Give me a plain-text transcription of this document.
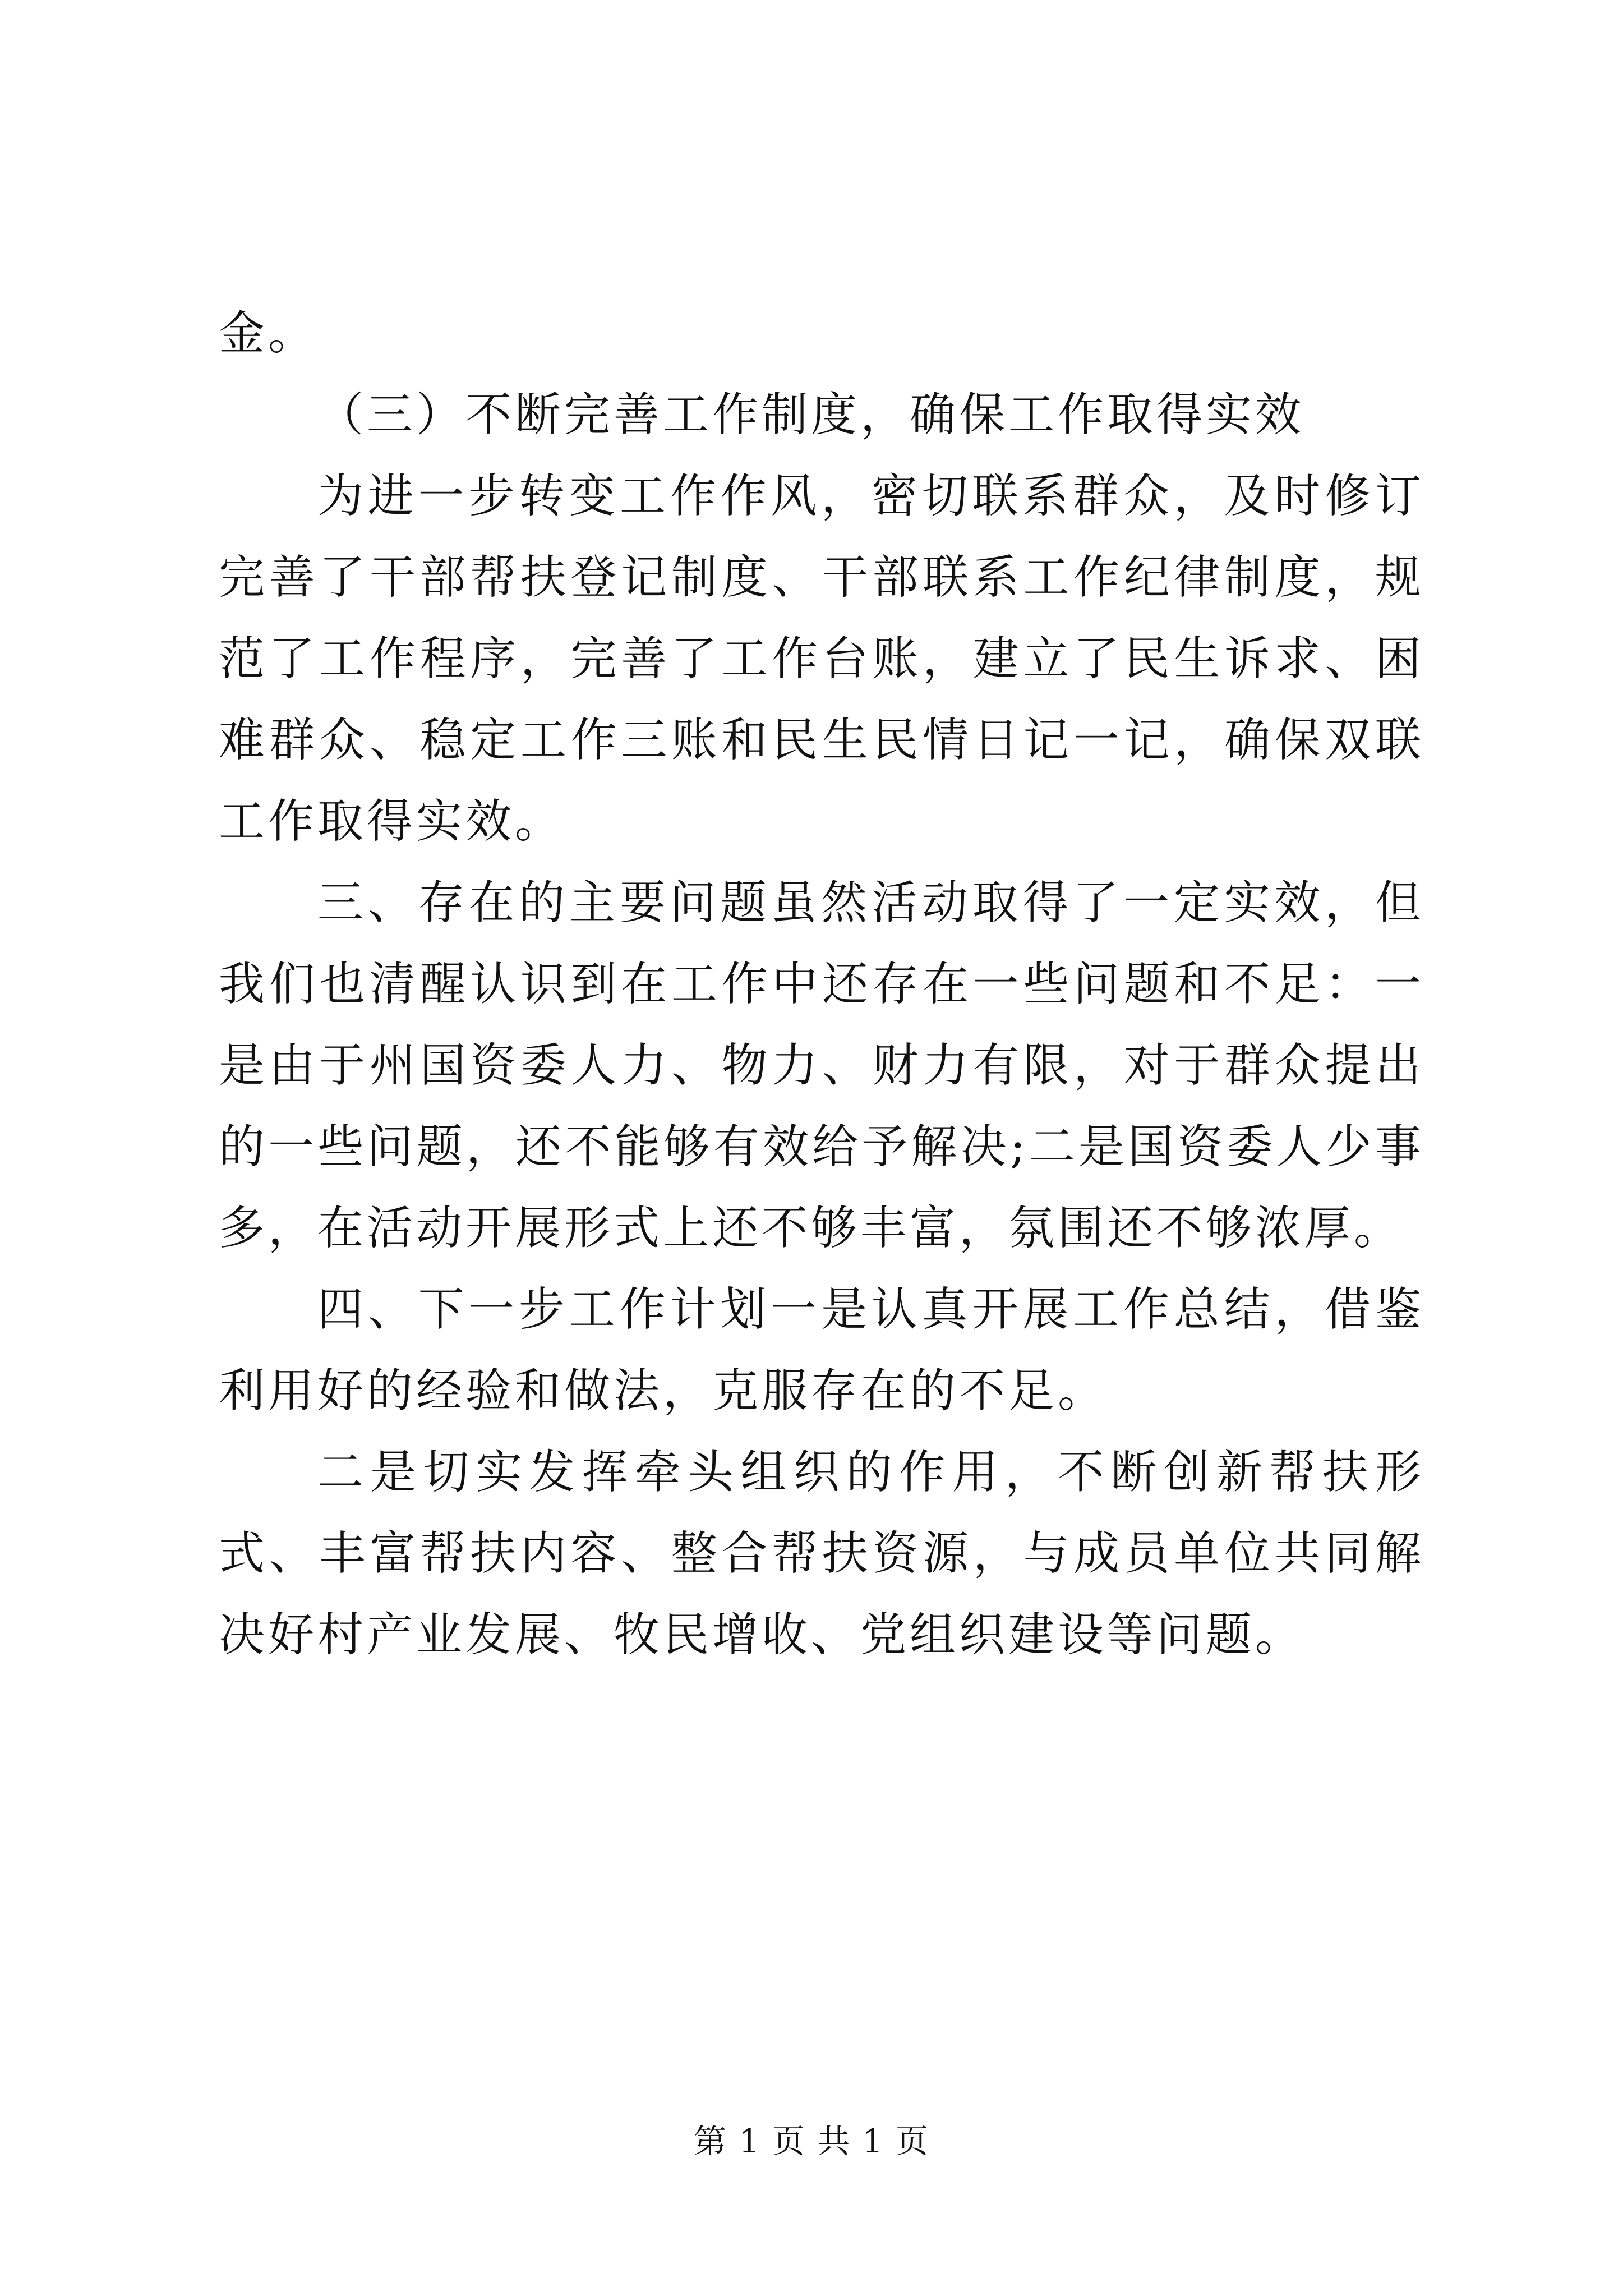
金。

（三）不断完善工作制度，确保工作取得实效

为进一步转变工作作风，密切联系群众，及时修订完善了干部帮扶登记制度、干部联系工作纪律制度，规范了工作程序，完善了工作台账，建立了民生诉求、困难群众、稳定工作三账和民生民情日记一记，确保双联工作取得实效。

三、存在的主要问题虽然活动取得了一定实效，但我们也清醒认识到在工作中还存在一些问题和不足：一是由于州国资委人力、物力、财力有限，对于群众提出的一些问题，还不能够有效给予解决;二是国资委人少事多，在活动开展形式上还不够丰富，氛围还不够浓厚。

四、下一步工作计划一是认真开展工作总结，借鉴利用好的经验和做法，克服存在的不足。

二是切实发挥牵头组织的作用，不断创新帮扶形式、丰富帮扶内容、整合帮扶资源，与成员单位共同解决好村产业发展、牧民增收、党组织建设等问题。

第 1 页 共 1 页
